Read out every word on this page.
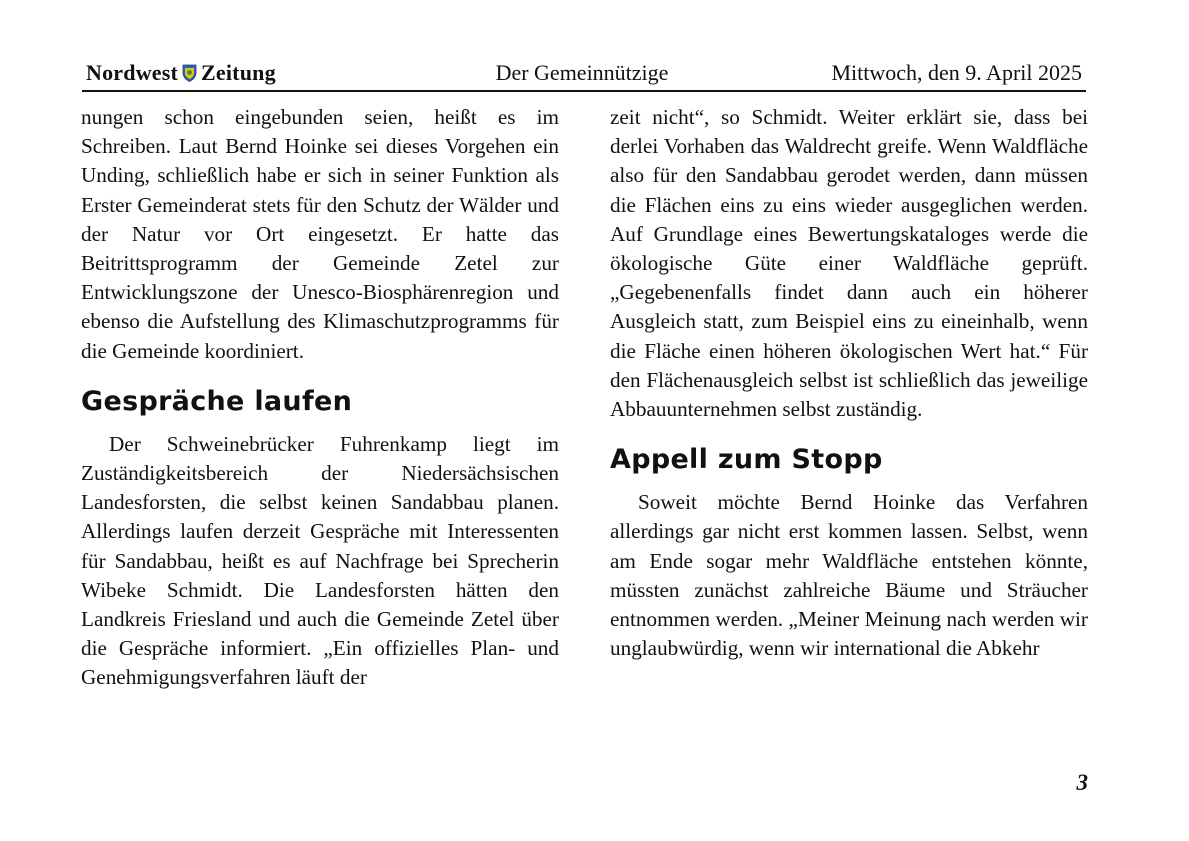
Nordwest Zeitung	Der Gemeinnützige	Mittwoch, den 9. April 2025

nungen schon eingebunden seien, heißt es im Schreiben. Laut Bernd Hoinke sei dieses Vorgehen ein Unding, schließlich habe er sich in seiner Funktion als Erster Gemeinderat stets für den Schutz der Wälder und der Natur vor Ort eingesetzt. Er hatte das Beitrittsprogramm der Gemeinde Zetel zur Entwicklungszone der Unesco-Biosphärenregion und ebenso die Aufstellung des Klimaschutzprogramms für die Gemeinde koordiniert.

Gespräche laufen

Der Schweinebrücker Fuhrenkamp liegt im Zuständigkeitsbereich der Niedersächsischen Landesforsten, die selbst keinen Sandabbau planen. Allerdings laufen derzeit Gespräche mit Interessenten für Sandabbau, heißt es auf Nachfrage bei Sprecherin Wibeke Schmidt. Die Landesforsten hätten den Landkreis Friesland und auch die Gemeinde Zetel über die Gespräche informiert. „Ein offizielles Plan- und Genehmigungsverfahren läuft der

zeit nicht“, so Schmidt. Weiter erklärt sie, dass bei derlei Vorhaben das Waldrecht greife. Wenn Waldfläche also für den Sandabbau gerodet werden, dann müssen die Flächen eins zu eins wieder ausgeglichen werden. Auf Grundlage eines Bewertungskataloges werde die ökologische Güte einer Waldfläche geprüft. „Gegebenenfalls findet dann auch ein höherer Ausgleich statt, zum Beispiel eins zu eineinhalb, wenn die Fläche einen höheren ökologischen Wert hat.“ Für den Flächenausgleich selbst ist schließlich das jeweilige Abbauunternehmen selbst zuständig.

Appell zum Stopp

Soweit möchte Bernd Hoinke das Verfahren allerdings gar nicht erst kommen lassen. Selbst, wenn am Ende sogar mehr Waldfläche entstehen könnte, müssten zunächst zahlreiche Bäume und Sträucher entnommen werden. „Meiner Meinung nach werden wir unglaubwürdig, wenn wir international die Abkehr

3
